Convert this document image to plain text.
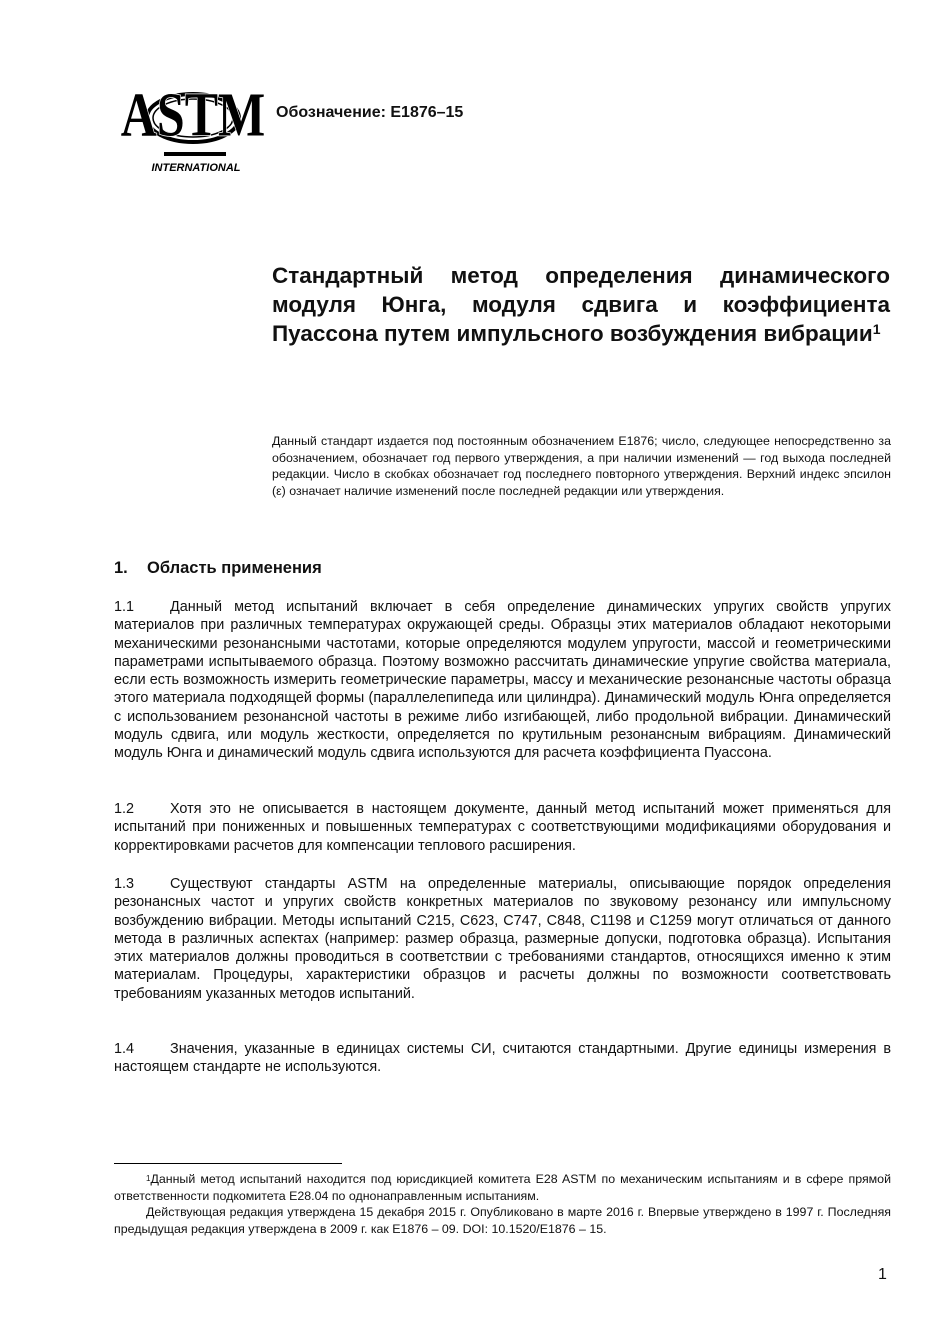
ASTM
INTERNATIONAL
Обозначение: E1876–15
Стандартный метод определения динамического модуля Юнга, модуля сдвига и коэффициента Пуассона путем импульсного возбуждения вибрации$^1$
Данный стандарт издается под постоянным обозначением E1876; число, следующее непосредственно за обозначением, обозначает год первого утверждения, а при наличии изменений — год выхода последней редакции. Число в скобках обозначает год последнего повторного утверждения. Верхний индекс эпсилон (ε) означает наличие изменений после последней редакции или утверждения.
1. Область применения
1.1 Данный метод испытаний включает в себя определение динамических упругих свойств упругих материалов при различных температурах окружающей среды. Образцы этих материалов обладают некоторыми механическими резонансными частотами, которые определяются модулем упругости, массой и геометрическими параметрами испытываемого образца. Поэтому возможно рассчитать динамические упругие свойства материала, если есть возможность измерить геометрические параметры, массу и механические резонансные частоты образца этого материала подходящей формы (параллелепипеда или цилиндра). Динамический модуль Юнга определяется с использованием резонансной частоты в режиме либо изгибающей, либо продольной вибрации. Динамический модуль сдвига, или модуль жесткости, определяется по крутильным резонансным вибрациям. Динамический модуль Юнга и динамический модуль сдвига используются для расчета коэффициента Пуассона.
1.2 Хотя это не описывается в настоящем документе, данный метод испытаний может применяться для испытаний при пониженных и повышенных температурах с соответствующими модификациями оборудования и корректировками расчетов для компенсации теплового расширения.
1.3 Существуют стандарты ASTM на определенные материалы, описывающие порядок определения резонансных частот и упругих свойств конкретных материалов по звуковому резонансу или импульсному возбуждению вибрации. Методы испытаний C215, C623, C747, C848, C1198 и C1259 могут отличаться от данного метода в различных аспектах (например: размер образца, размерные допуски, подготовка образца). Испытания этих материалов должны проводиться в соответствии с требованиями стандартов, относящихся именно к этим материалам. Процедуры, характеристики образцов и расчеты должны по возможности соответствовать требованиям указанных методов испытаний.
1.4 Значения, указанные в единицах системы СИ, считаются стандартными. Другие единицы измерения в настоящем стандарте не используются.
$^1$Данный метод испытаний находится под юрисдикцией комитета E28 ASTM по механическим испытаниям и в сфере прямой ответственности подкомитета E28.04 по однонаправленным испытаниям.
Действующая редакция утверждена 15 декабря 2015 г. Опубликовано в марте 2016 г. Впервые утверждено в 1997 г. Последняя предыдущая редакция утверждена в 2009 г. как E1876 – 09. DOI: 10.1520/E1876 – 15.
1
